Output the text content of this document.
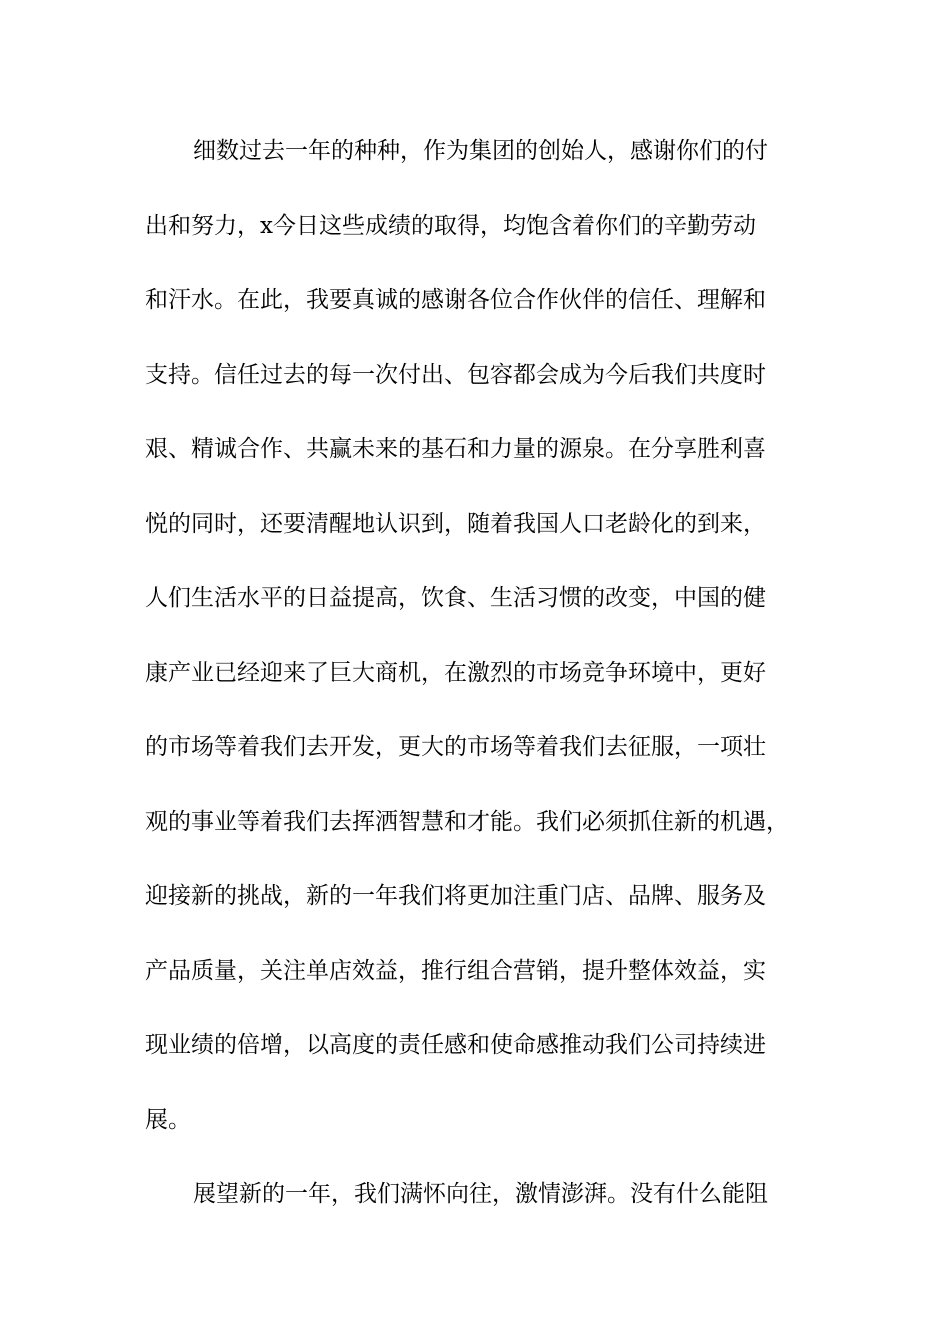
细数过去一年的种种，作为集团的创始人，感谢你们的付
出和努力，x今日这些成绩的取得，均饱含着你们的辛勤劳动
和汗水。在此，我要真诚的感谢各位合作伙伴的信任、理解和
支持。信任过去的每一次付出、包容都会成为今后我们共度时
艰、精诚合作、共赢未来的基石和力量的源泉。在分享胜利喜
悦的同时，还要清醒地认识到，随着我国人口老龄化的到来，
人们生活水平的日益提高，饮食、生活习惯的改变，中国的健
康产业已经迎来了巨大商机，在激烈的市场竞争环境中，更好
的市场等着我们去开发，更大的市场等着我们去征服，一项壮
观的事业等着我们去挥洒智慧和才能。我们必须抓住新的机遇，
迎接新的挑战，新的一年我们将更加注重门店、品牌、服务及
产品质量，关注单店效益，推行组合营销，提升整体效益，实
现业绩的倍增，以高度的责任感和使命感推动我们公司持续进
展。
展望新的一年，我们满怀向往，激情澎湃。没有什么能阻
